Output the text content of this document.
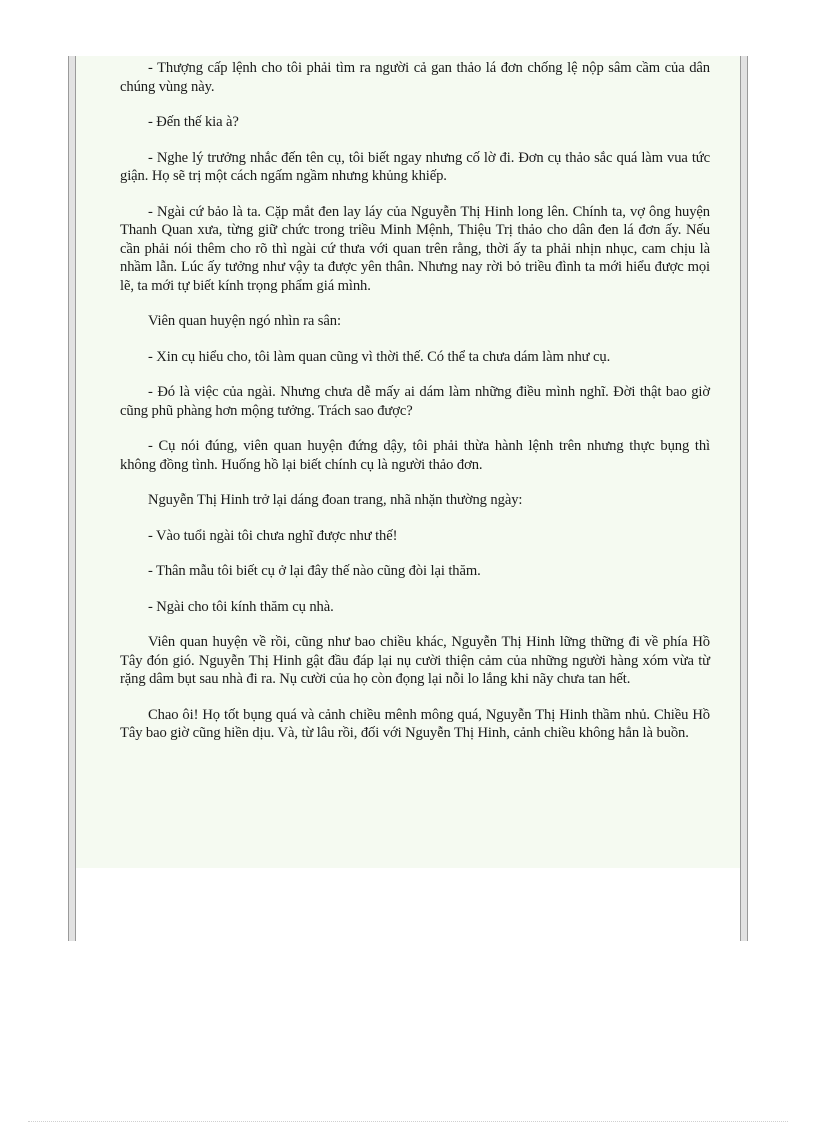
- Thượng cấp lệnh cho tôi phải tìm ra người cả gan thảo lá đơn chống lệ nộp sâm cầm của dân chúng vùng này.

- Đến thế kia à?

- Nghe lý trưởng nhắc đến tên cụ, tôi biết ngay nhưng cố lờ đi. Đơn cụ thảo sắc quá làm vua tức giận. Họ sẽ trị một cách ngấm ngầm nhưng khủng khiếp.

- Ngài cứ bảo là ta. Cặp mắt đen lay láy của Nguyễn Thị Hinh long lên. Chính ta, vợ ông huyện Thanh Quan xưa, từng giữ chức trong triều Minh Mệnh, Thiệu Trị thảo cho dân đen lá đơn ấy. Nếu cần phải nói thêm cho rõ thì ngài cứ thưa với quan trên rằng, thời ấy ta phải nhịn nhục, cam chịu là nhầm lẫn. Lúc ấy tưởng như vậy ta được yên thân. Nhưng nay rời bỏ triều đình ta mới hiểu được mọi lẽ, ta mới tự biết kính trọng phẩm giá mình.

Viên quan huyện ngó nhìn ra sân:

- Xin cụ hiểu cho, tôi làm quan cũng vì thời thế. Có thể ta chưa dám làm như cụ.

- Đó là việc của ngài. Nhưng chưa dễ mấy ai dám làm những điều mình nghĩ. Đời thật bao giờ cũng phũ phàng hơn mộng tưởng. Trách sao được?

- Cụ nói đúng, viên quan huyện đứng dậy, tôi phải thừa hành lệnh trên nhưng thực bụng thì không đồng tình. Huống hồ lại biết chính cụ là người thảo đơn.

Nguyễn Thị Hinh trở lại dáng đoan trang, nhã nhặn thường ngày:

- Vào tuổi ngài tôi chưa nghĩ được như thế!

- Thân mẫu tôi biết cụ ở lại đây thế nào cũng đòi lại thăm.

- Ngài cho tôi kính thăm cụ nhà.

Viên quan huyện về rồi, cũng như bao chiều khác, Nguyễn Thị Hinh lững thững đi về phía Hồ Tây đón gió. Nguyễn Thị Hinh gật đầu đáp lại nụ cười thiện cảm của những người hàng xóm vừa từ rặng dâm bụt sau nhà đi ra. Nụ cười của họ còn đọng lại nỗi lo lắng khi nãy chưa tan hết.

Chao ôi! Họ tốt bụng quá và cảnh chiều mênh mông quá, Nguyễn Thị Hinh thầm nhủ. Chiều Hồ Tây bao giờ cũng hiền dịu. Và, từ lâu rồi, đối với Nguyễn Thị Hinh, cảnh chiều không hẳn là buồn.
